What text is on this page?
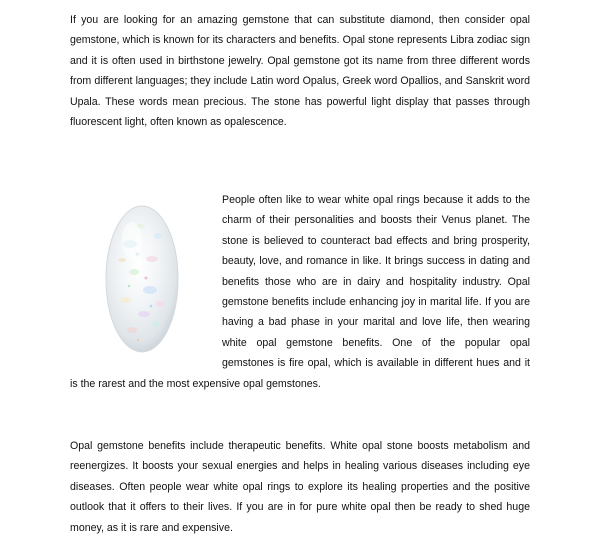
If you are looking for an amazing gemstone that can substitute diamond, then consider opal gemstone, which is known for its characters and benefits. Opal stone represents Libra zodiac sign and it is often used in birthstone jewelry. Opal gemstone got its name from three different words from different languages; they include Latin word Opalus, Greek word Opallios, and Sanskrit word Upala. These words mean precious. The stone has powerful light display that passes through fluorescent light, often known as opalescence.

People often like to wear white opal rings because it adds to the charm of their personalities and boosts their Venus planet. The stone is believed to counteract bad effects and bring prosperity, beauty, love, and romance in like. It brings success in dating and benefits those who are in dairy and hospitality industry. Opal gemstone benefits include enhancing joy in marital life. If you are having a bad phase in your marital and love life, then wearing white opal gemstone benefits. One of the popular opal gemstones is fire opal, which is available in different hues and it is the rarest and the most expensive opal gemstones.

Opal gemstone benefits include therapeutic benefits. White opal stone boosts metabolism and reenergizes. It boosts your sexual energies and helps in healing various diseases including eye diseases. Often people wear white opal rings to explore its healing properties and the positive outlook that it offers to their lives. If you are in for pure white opal then be ready to shed huge money, as it is rare and expensive.
